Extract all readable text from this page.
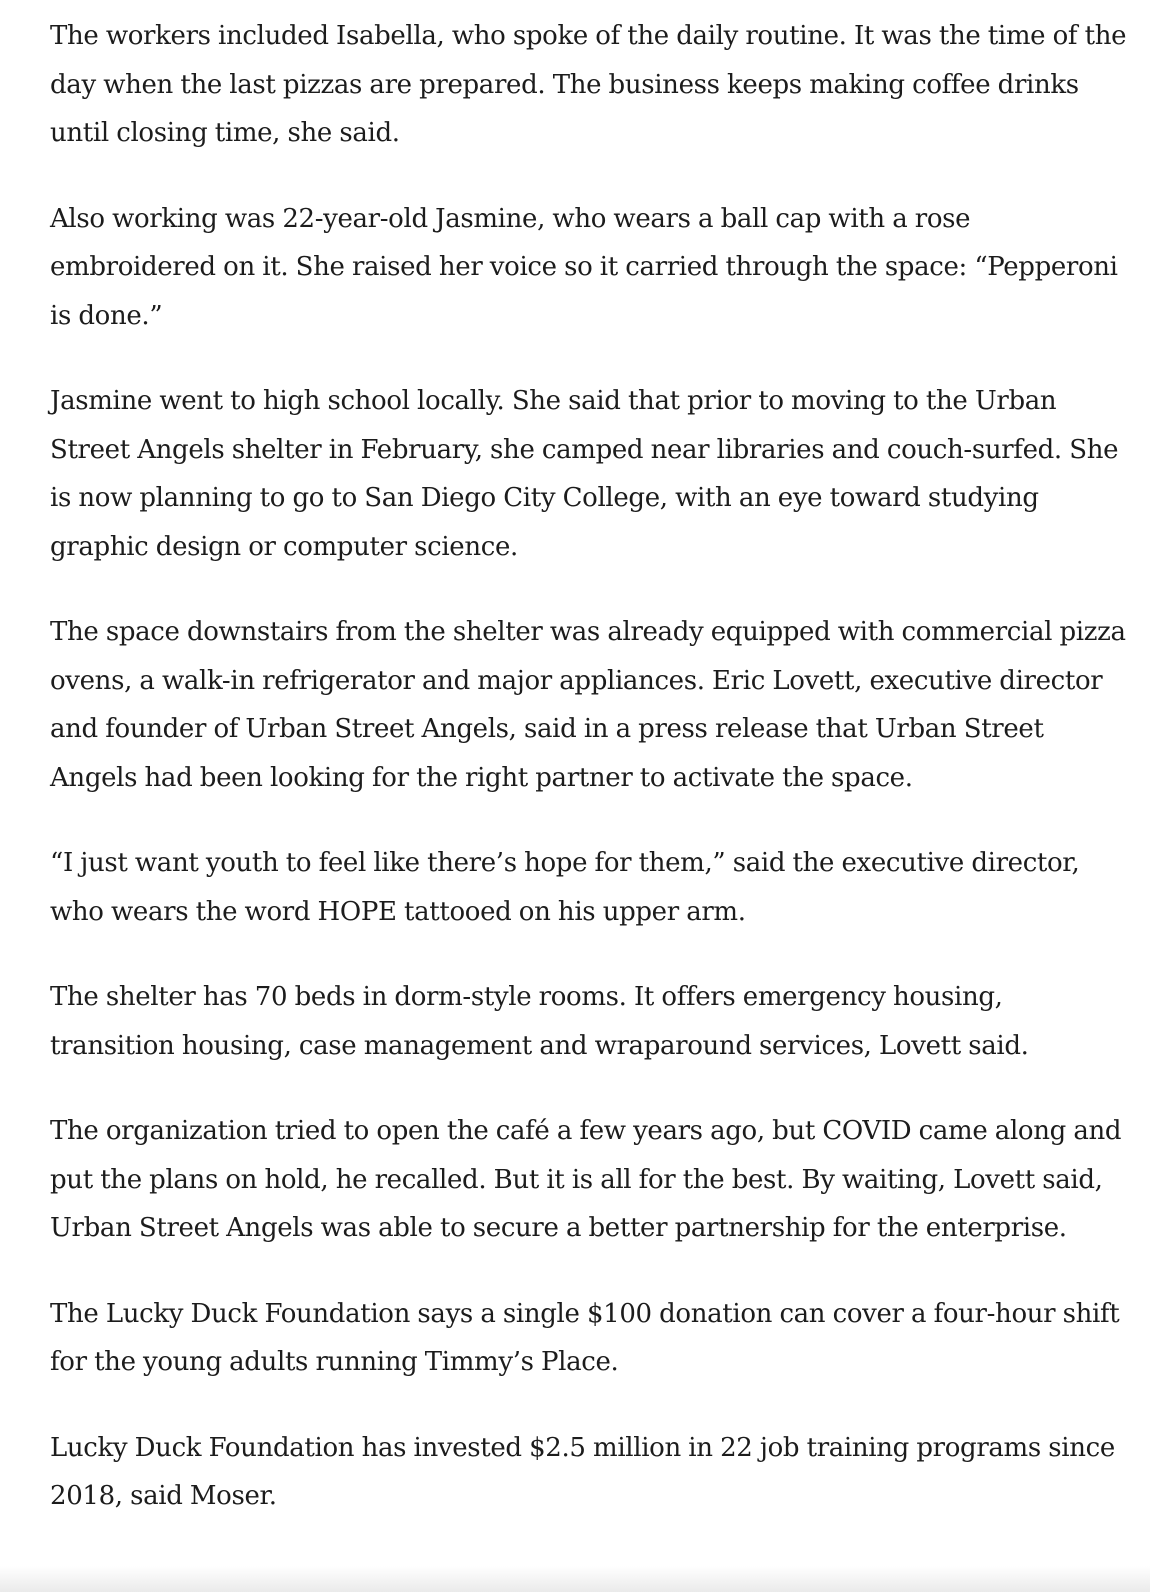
The workers included Isabella, who spoke of the daily routine. It was the time of the day when the last pizzas are prepared. The business keeps making coffee drinks until closing time, she said.

Also working was 22-year-old Jasmine, who wears a ball cap with a rose embroidered on it. She raised her voice so it carried through the space: “Pepperoni is done.”

Jasmine went to high school locally. She said that prior to moving to the Urban Street Angels shelter in February, she camped near libraries and couch-surfed. She is now planning to go to San Diego City College, with an eye toward studying graphic design or computer science.

The space downstairs from the shelter was already equipped with commercial pizza ovens, a walk-in refrigerator and major appliances. Eric Lovett, executive director and founder of Urban Street Angels, said in a press release that Urban Street Angels had been looking for the right partner to activate the space.

“I just want youth to feel like there’s hope for them,” said the executive director, who wears the word HOPE tattooed on his upper arm.

The shelter has 70 beds in dorm-style rooms. It offers emergency housing, transition housing, case management and wraparound services, Lovett said.

The organization tried to open the café a few years ago, but COVID came along and put the plans on hold, he recalled. But it is all for the best. By waiting, Lovett said, Urban Street Angels was able to secure a better partnership for the enterprise.

The Lucky Duck Foundation says a single $100 donation can cover a four-hour shift for the young adults running Timmy’s Place.

Lucky Duck Foundation has invested $2.5 million in 22 job training programs since 2018, said Moser.
